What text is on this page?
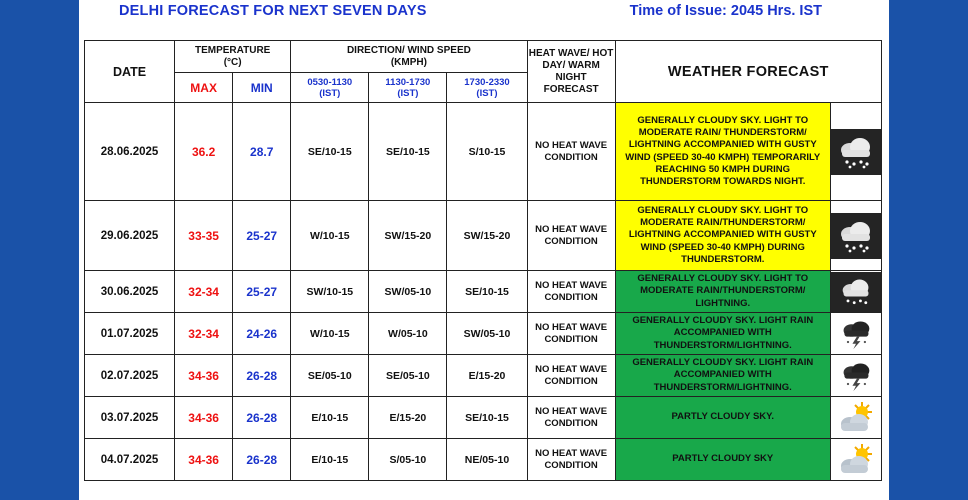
DELHI FORECAST FOR NEXT SEVEN DAYS	Time of Issue: 2045 Hrs. IST
DATE	TEMPERATURE (°C)		DIRECTION/ WIND SPEED (KMPH)			HEAT WAVE/ HOT DAY/ WARM NIGHT FORECAST	WEATHER FORECAST	
	MAX	MIN	0530-1130 (IST)	1130-1730 (IST)	1730-2330 (IST)			
28.06.2025	36.2	28.7	SE/10-15	SE/10-15	S/10-15	NO HEAT WAVE CONDITION	GENERALLY CLOUDY SKY. LIGHT TO MODERATE RAIN/ THUNDERSTORM/ LIGHTNING ACCOMPANIED WITH GUSTY WIND (SPEED 30-40 KMPH) TEMPORARILY REACHING 50 KMPH DURING THUNDERSTORM TOWARDS NIGHT.	

29.06.2025	33-35	25-27	W/10-15	SW/15-20	SW/15-20	NO HEAT WAVE CONDITION	GENERALLY CLOUDY SKY. LIGHT TO MODERATE RAIN/THUNDERSTORM/ LIGHTNING ACCOMPANIED WITH GUSTY WIND (SPEED 30-40 KMPH) DURING THUNDERSTORM.	

30.06.2025	32-34	25-27	SW/10-15	SW/05-10	SE/10-15	NO HEAT WAVE CONDITION	GENERALLY CLOUDY SKY. LIGHT TO MODERATE RAIN/THUNDERSTORM/ LIGHTNING.	

01.07.2025	32-34	24-26	W/10-15	W/05-10	SW/05-10	NO HEAT WAVE CONDITION	GENERALLY CLOUDY SKY. LIGHT RAIN ACCOMPANIED WITH THUNDERSTORM/LIGHTNING.	

02.07.2025	34-36	26-28	SE/05-10	SE/05-10	E/15-20	NO HEAT WAVE CONDITION	GENERALLY CLOUDY SKY. LIGHT RAIN ACCOMPANIED WITH THUNDERSTORM/LIGHTNING.	

03.07.2025	34-36	26-28	E/10-15	E/15-20	SE/10-15	NO HEAT WAVE CONDITION	PARTLY CLOUDY SKY.	

04.07.2025	34-36	26-28	E/10-15	S/05-10	NE/05-10	NO HEAT WAVE CONDITION	PARTLY CLOUDY SKY	
